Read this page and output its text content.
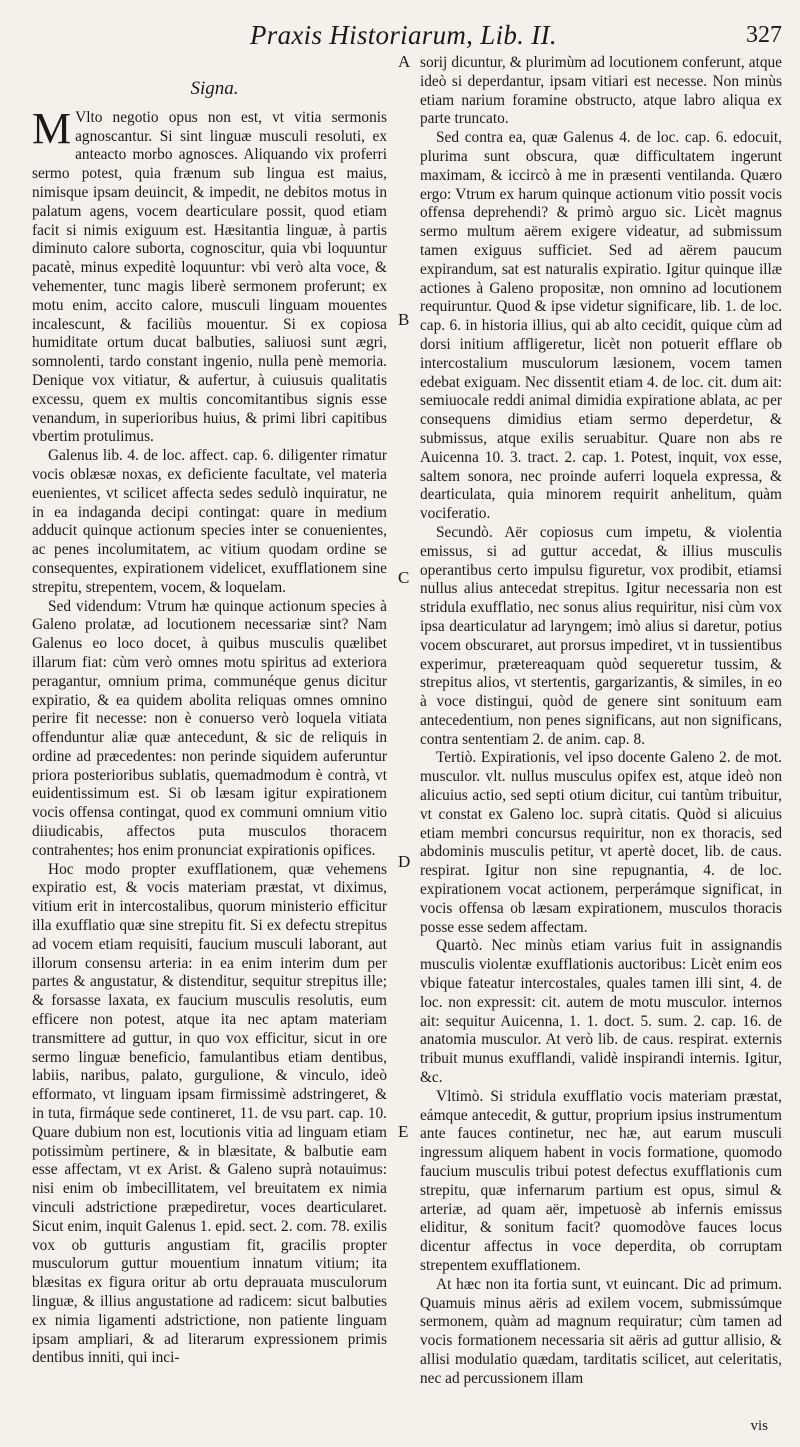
Praxis Historiarum, Lib. II.	327
Signa.

M Vlto negotio opus non est, vt vitia sermonis agnoscantur. Si sint linguæ musculi resoluti, ex anteacto morbo agnosces. Aliquando vix proferri sermo potest, quia frænum sub lingua est maius, nimisque ipsam deuincit, & impedit, ne debitos motus in palatum agens, vocem dearticulare possit, quod etiam facit si nimis exiguum est. Hæsitantia linguæ, à partis diminuto calore suborta, cognoscitur, quia vbi loquuntur pacatè, minus expeditè loquuntur: vbi verò alta voce, & vehementer, tunc magis liberè sermonem proferunt; ex motu enim, accito calore, musculi linguam mouentes incalescunt, & faciliùs mouentur. Si ex copiosa humiditate ortum ducat balbuties, saliuosi sunt ægri, somnolenti, tardo constant ingenio, nulla penè memoria. Denique vox vitiatur, & aufertur, à cuiusuis qualitatis excessu, quem ex multis concomitantibus signis esse venandum, in superioribus huius, & primi libri capitibus vbertim protulimus.

Galenus lib. 4. de loc. affect. cap. 6. diligenter rimatur vocis oblæsæ noxas, ex deficiente facultate, vel materia euenientes, vt scilicet affecta sedes sedulò inquiratur, ne in ea indaganda decipi contingat: quare in medium adducit quinque actionum species inter se conuenientes, ac penes incolumitatem, ac vitium quodam ordine se consequentes, expirationem videlicet, exufflationem sine strepitu, strepentem, vocem, & loquelam.

Sed videndum: Vtrum hæ quinque actionum species à Galeno prolatæ, ad locutionem necessariæ sint? Nam Galenus eo loco docet, à quibus musculis quælibet illarum fiat: cùm verò omnes motu spiritus ad exteriora peragantur, omnium prima, communéque genus dicitur expiratio, & ea quidem abolita reliquas omnes omnino perire fit necesse: non è conuerso verò loquela vitiata offenduntur aliæ quæ antecedunt, & sic de reliquis in ordine ad præcedentes: non perinde siquidem auferuntur priora posterioribus sublatis, quemadmodum è contrà, vt euidentissimum est. Si ob læsam igitur expirationem vocis offensa contingat, quod ex communi omnium vitio diiudicabis, affectos puta musculos thoracem contrahentes; hos enim pronunciat expirationis opifices.

Hoc modo propter exufflationem, quæ vehemens expiratio est, & vocis materiam præstat, vt diximus, vitium erit in intercostalibus, quorum ministerio efficitur illa exufflatio quæ sine strepitu fit. Si ex defectu strepitus ad vocem etiam requisiti, faucium musculi laborant, aut illorum consensu arteria: in ea enim interim dum per partes & angustatur, & distenditur, sequitur strepitus ille; & forsasse laxata, ex faucium musculis resolutis, eum efficere non potest, atque ita nec aptam materiam transmittere ad guttur, in quo vox efficitur, sicut in ore sermo linguæ beneficio, famulantibus etiam dentibus, labiis, naribus, palato, gurgulione, & vinculo, ideò efformato, vt linguam ipsam firmissimè adstringeret, & in tuta, firmáque sede contineret, 11. de vsu part. cap. 10. Quare dubium non est, locutionis vitia ad linguam etiam potissimùm pertinere, & in blæsitate, & balbutie eam esse affectam, vt ex Arist. & Galeno suprà notauimus: nisi enim ob imbecillitatem, vel breuitatem ex nimia vinculi adstrictione præpediretur, voces dearticularet. Sicut enim, inquit Galenus 1. epid. sect. 2. com. 78. exilis vox ob gutturis angustiam fit, gracilis propter musculorum guttur mouentium innatum vitium; ita blæsitas ex figura oritur ab ortu deprauata musculorum linguæ, & illius angustatione ad radicem: sicut balbuties ex nimia ligamenti adstrictione, non patiente linguam ipsam ampliari, & ad literarum expressionem primis dentibus inniti, qui inci-

sorij dicuntur, & plurimùm ad locutionem conferunt, atque ideò si deperdantur, ipsam vitiari est necesse. Non minùs etiam narium foramine obstructo, atque labro aliqua ex parte truncato.

Sed contra ea, quæ Galenus 4. de loc. cap. 6. edocuit, plurima sunt obscura, quæ difficultatem ingerunt maximam, & iccircò à me in præsenti ventilanda. Quæro ergo: Vtrum ex harum quinque actionum vitio possit vocis offensa deprehendi? & primò arguo sic. Licèt magnus sermo multum aërem exigere videatur, ad submissum tamen exiguus sufficiet. Sed ad aërem paucum expirandum, sat est naturalis expiratio. Igitur quinque illæ actiones à Galeno propositæ, non omnino ad locutionem requiruntur. Quod & ipse videtur significare, lib. 1. de loc. cap. 6. in historia illius, qui ab alto cecidit, quique cùm ad dorsi initium affligeretur, licèt non potuerit efflare ob intercostalium musculorum læsionem, vocem tamen edebat exiguam. Nec dissentit etiam 4. de loc. cit. dum ait: semiuocale reddi animal dimidia expiratione ablata, ac per consequens dimidius etiam sermo deperdetur, & submissus, atque exilis seruabitur. Quare non abs re Auicenna 10. 3. tract. 2. cap. 1. Potest, inquit, vox esse, saltem sonora, nec proinde auferri loquela expressa, & dearticulata, quia minorem requirit anhelitum, quàm vociferatio.

Secundò. Aër copiosus cum impetu, & violentia emissus, si ad guttur accedat, & illius musculis operantibus certo impulsu figuretur, vox prodibit, etiamsi nullus alius antecedat strepitus. Igitur necessaria non est stridula exufflatio, nec sonus alius requiritur, nisi cùm vox ipsa dearticulatur ad laryngem; imò alius si daretur, potius vocem obscuraret, aut prorsus impediret, vt in tussientibus experimur, prætereaquam quòd sequeretur tussim, & strepitus alios, vt stertentis, gargarizantis, & similes, in eo à voce distingui, quòd de genere sint sonituum eam antecedentium, non penes significans, aut non significans, contra sententiam 2. de anim. cap. 8.

Tertiò. Expirationis, vel ipso docente Galeno 2. de mot. musculor. vlt. nullus musculus opifex est, atque ideò non alicuius actio, sed septi otium dicitur, cui tantùm tribuitur, vt constat ex Galeno loc. suprà citatis. Quòd si alicuius etiam membri concursus requiritur, non ex thoracis, sed abdominis musculis petitur, vt apertè docet, lib. de caus. respirat. Igitur non sine repugnantia, 4. de loc. expirationem vocat actionem, perperámque significat, in vocis offensa ob læsam expirationem, musculos thoracis posse esse sedem affectam.

Quartò. Nec minùs etiam varius fuit in assignandis musculis violentæ exufflationis auctoribus: Licèt enim eos vbique fateatur intercostales, quales tamen illi sint, 4. de loc. non expressit: cit. autem de motu musculor. internos ait: sequitur Auicenna, 1. 1. doct. 5. sum. 2. cap. 16. de anatomia musculor. At verò lib. de caus. respirat. externis tribuit munus exufflandi, validè inspirandi internis. Igitur, &c.

Vltimò. Si stridula exufflatio vocis materiam præstat, eámque antecedit, & guttur, proprium ipsius instrumentum ante fauces continetur, nec hæ, aut earum musculi ingressum aliquem habent in vocis formatione, quomodo faucium musculis tribui potest defectus exufflationis cum strepitu, quæ infernarum partium est opus, simul & arteriæ, ad quam aër, impetuosè ab infernis emissus eliditur, & sonitum facit? quomodòve fauces locus dicentur affectus in voce deperdita, ob corruptam strepentem exufflationem.

At hæc non ita fortia sunt, vt euincant. Dic ad primum. Quamuis minus aëris ad exilem vocem, submissúmque sermonem, quàm ad magnum requiratur; cùm tamen ad vocis formationem necessaria sit aëris ad guttur allisio, & allisi modulatio quædam, tarditatis scilicet, aut celeritatis, nec ad percussionem illam

A
B
C
D
E
vis
